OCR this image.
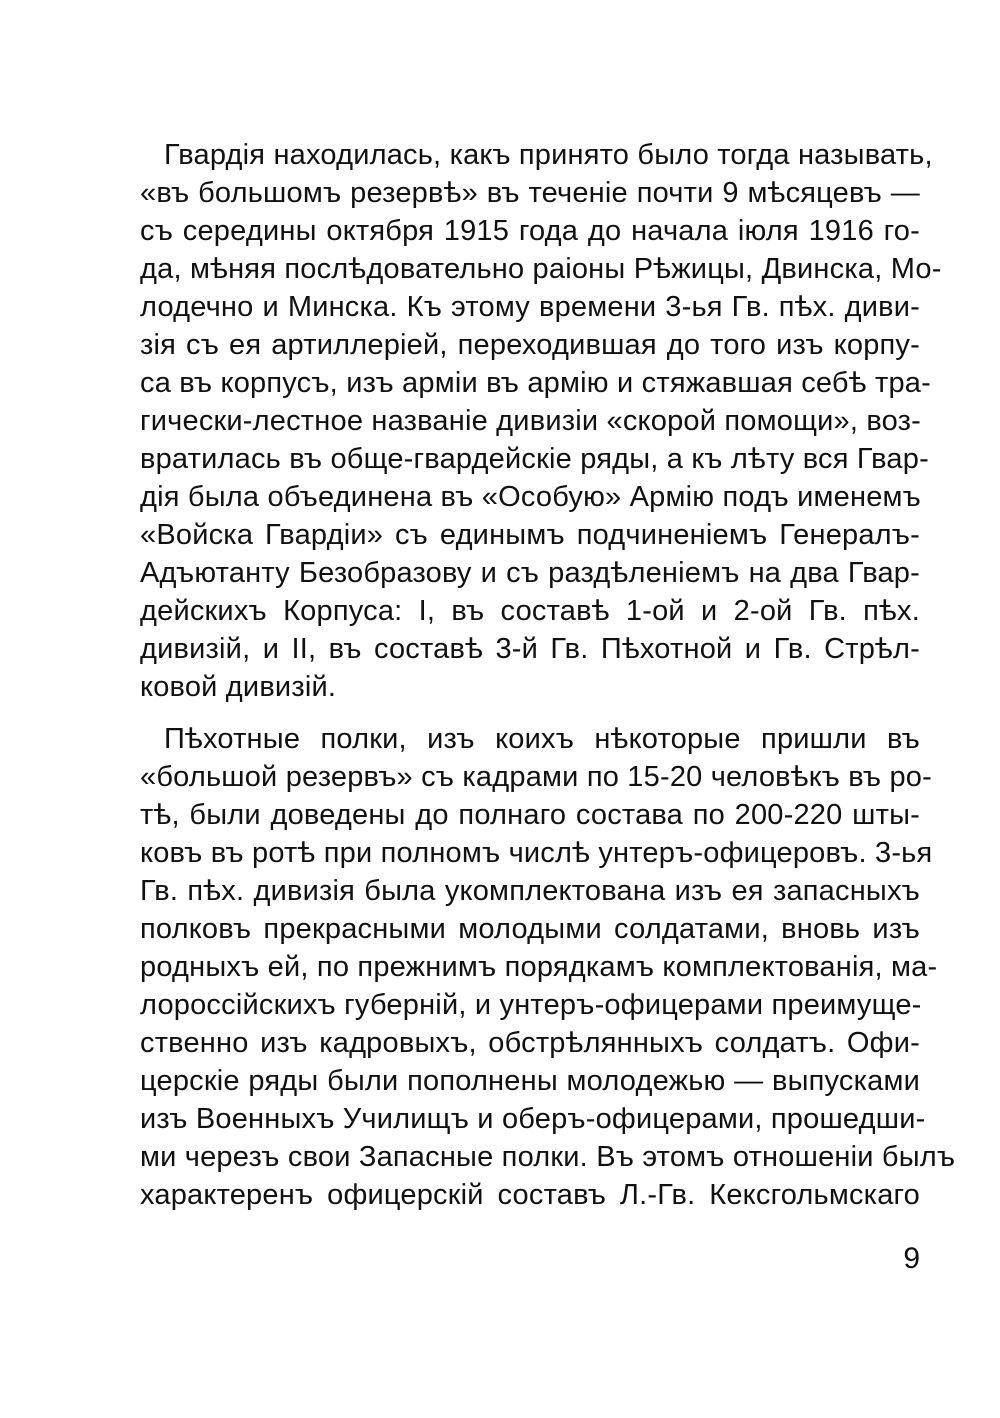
Гвардія находилась, какъ принято было тогда называть,
«въ большомъ резервѣ» въ теченіе почти 9 мѣсяцевъ —
съ середины октября 1915 года до начала іюля 1916 го-
да, мѣняя послѣдовательно раіоны Рѣжицы, Двинска, Мо-
лодечно и Минска. Къ этому времени 3-ья Гв. пѣх. диви-
зія съ ея артиллеріей, переходившая до того изъ корпу-
са въ корпусъ, изъ арміи въ армію и стяжавшая себѣ тра-
гически-лестное названіе дивизіи «скорой помощи», воз-
вратилась въ обще-гвардейскіе ряды, а къ лѣту вся Гвар-
дія была объединена въ «Особую» Армію подъ именемъ
«Войска Гвардіи» съ единымъ подчиненіемъ Генералъ-
Адъютанту Безобразову и съ раздѣленіемъ на два Гвар-
дейскихъ Корпуса: I, въ составѣ 1-ой и 2-ой Гв. пѣх.
дивизій, и II, въ составѣ 3-й Гв. Пѣхотной и Гв. Стрѣл-
ковой дивизій.

Пѣхотные полки, изъ коихъ нѣкоторые пришли въ
«большой резервъ» съ кадрами по 15-20 человѣкъ въ ро-
тѣ, были доведены до полнаго состава по 200-220 шты-
ковъ въ ротѣ при полномъ числѣ унтеръ-офицеровъ. 3-ья
Гв. пѣх. дивизія была укомплектована изъ ея запасныхъ
полковъ прекрасными молодыми солдатами, вновь изъ
родныхъ ей, по прежнимъ порядкамъ комплектованія, ма-
лороссійскихъ губерній, и унтеръ-офицерами преимуще-
ственно изъ кадровыхъ, обстрѣлянныхъ солдатъ. Офи-
церскіе ряды были пополнены молодежью — выпусками
изъ Военныхъ Училищъ и оберъ-офицерами, прошедши-
ми черезъ свои Запасные полки. Въ этомъ отношеніи былъ
характеренъ офицерскій составъ Л.-Гв. Кексгольмскаго

9
